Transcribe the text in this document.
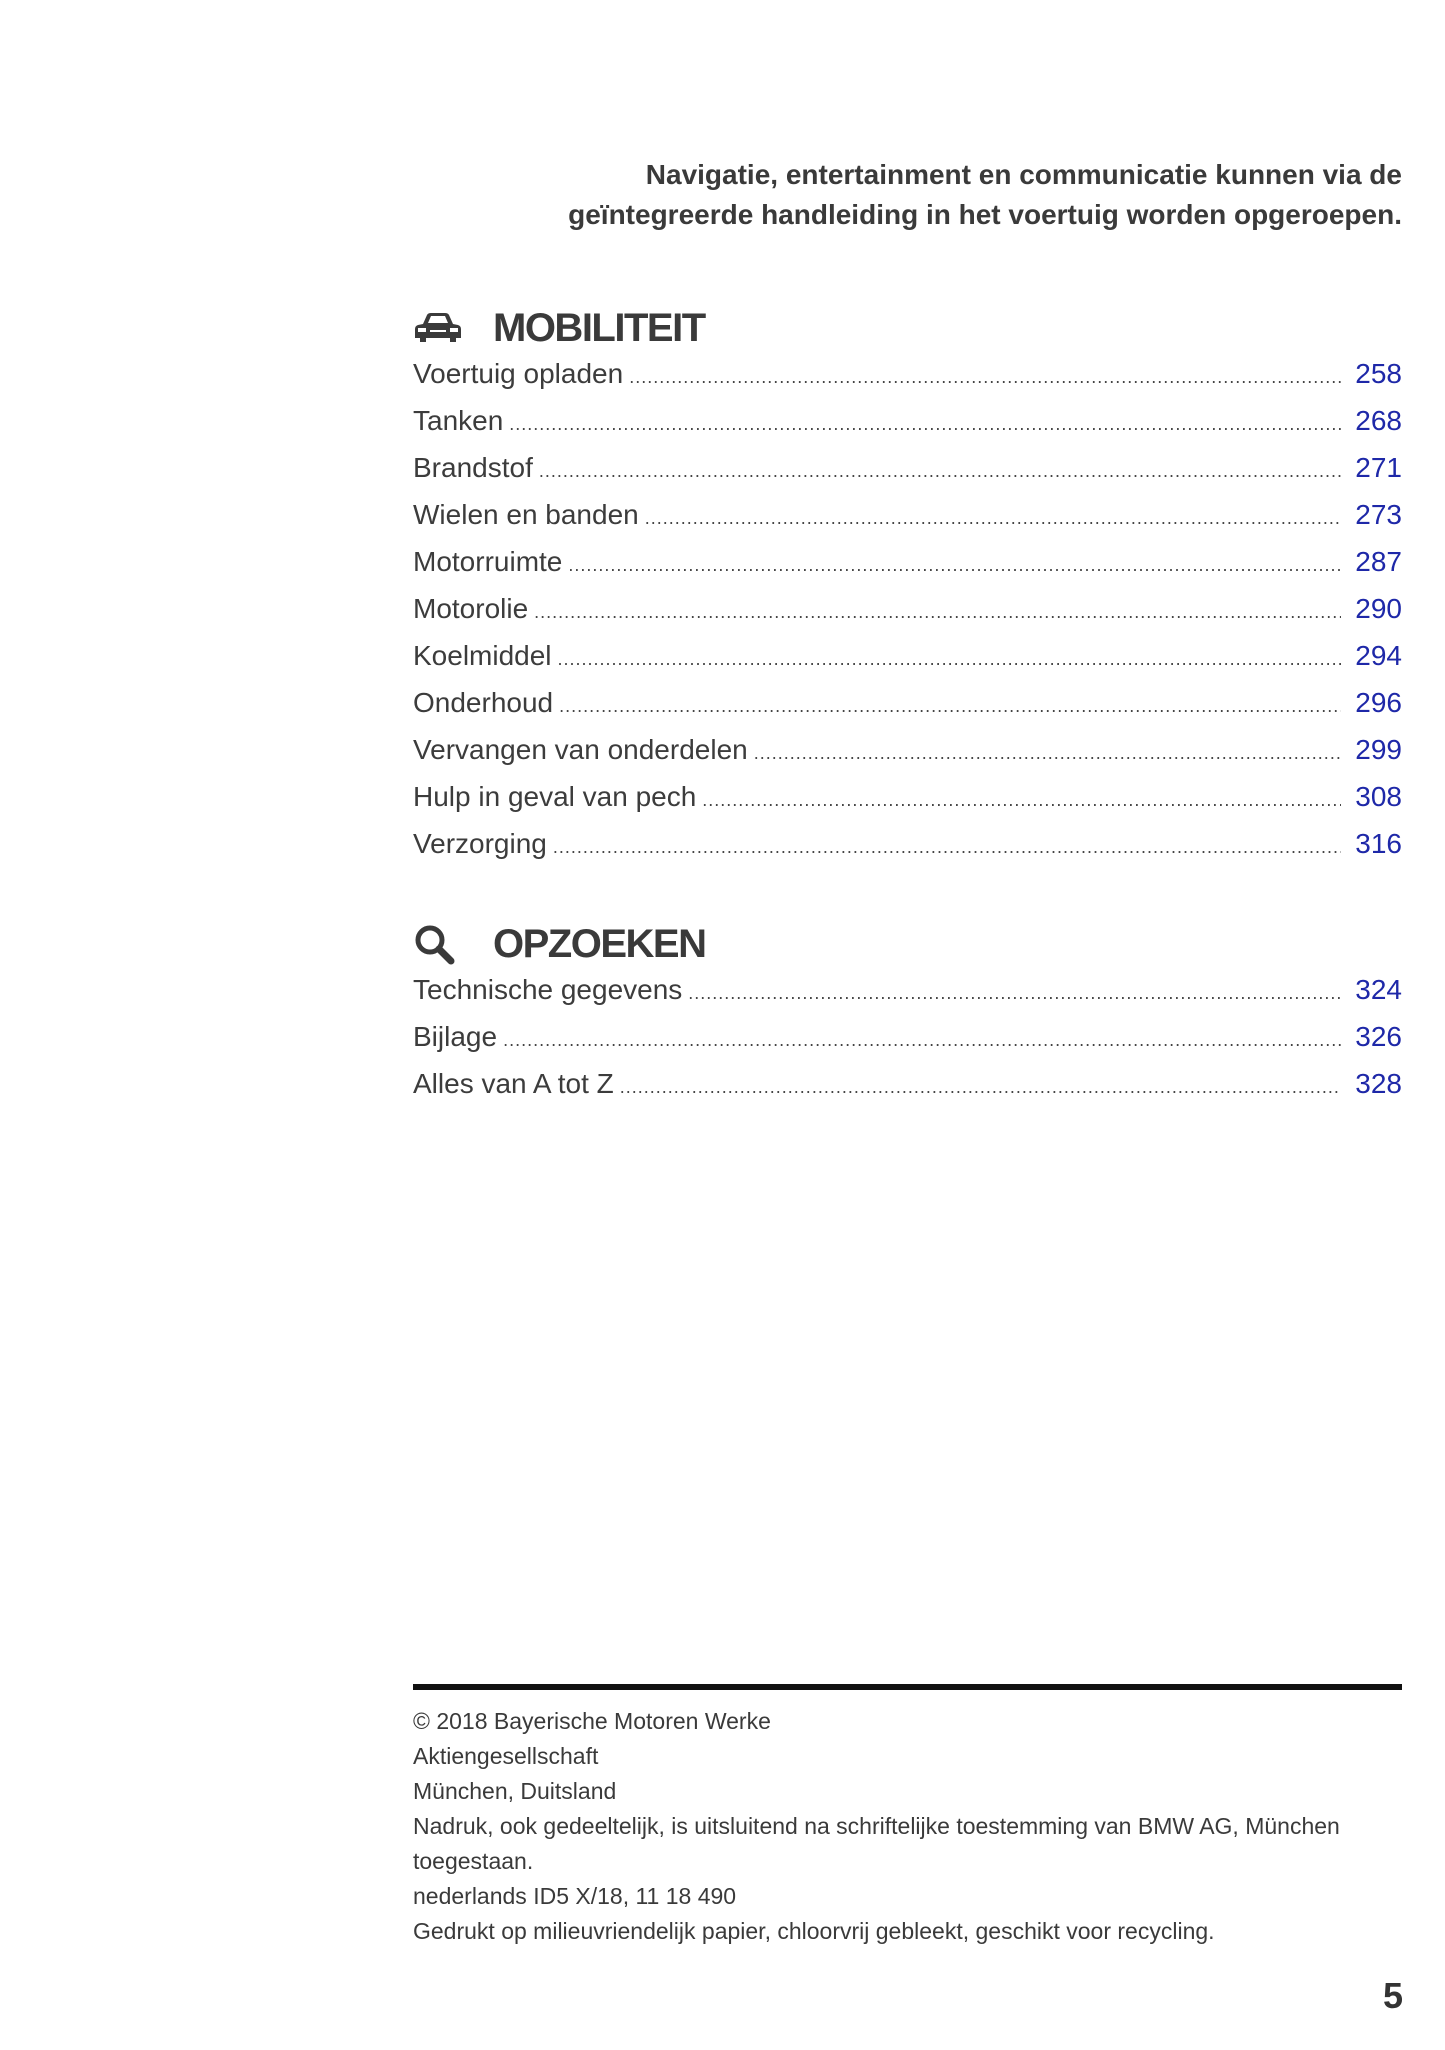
Navigatie, entertainment en communicatie kunnen via de
geïntegreerde handleiding in het voertuig worden opgeroepen.
MOBILITEIT
Voertuig opladen .....	258
Tanken .....	268
Brandstof .....	271
Wielen en banden .....	273
Motorruimte .....	287
Motorolie .....	290
Koelmiddel .....	294
Onderhoud .....	296
Vervangen van onderdelen .....	299
Hulp in geval van pech .....	308
Verzorging .....	316
OPZOEKEN
Technische gegevens .....	324
Bijlage .....	326
Alles van A tot Z .....	328

© 2018 Bayerische Motoren Werke

Aktiengesellschaft

München, Duitsland

Nadruk, ook gedeeltelijk, is uitsluitend na schriftelijke toestemming van BMW AG, München

toegestaan.

nederlands ID5 X/18, 11 18 490

Gedrukt op milieuvriendelijk papier, chloorvrij gebleekt, geschikt voor recycling.

5
